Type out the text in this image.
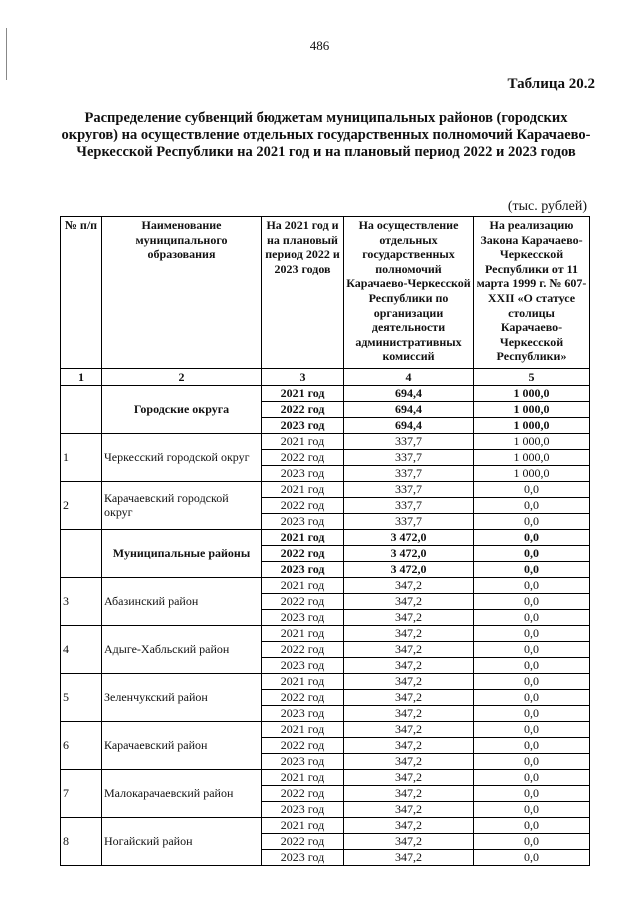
486
Таблица 20.2
Распределение субвенций бюджетам муниципальных районов (городских округов) на осуществление отдельных государственных полномочий Карачаево-Черкесской Республики на 2021 год и на плановый период 2022 и 2023 годов
(тыс. рублей)
№ п/п	Наименование муниципального образования	На 2021 год и на плановый период 2022 и 2023 годов	На осуществление отдельных государственных полномочий Карачаево-Черкесской Республики по организации деятельности административных комиссий	На реализацию Закона Карачаево-Черкесской Республики от 11 марта 1999 г. № 607-XXII «О статусе столицы Карачаево-Черкесской Республики»
1	2	3	4	5
	Городские округа	2021 год	694,4	1 000,0
		2022 год	694,4	1 000,0
		2023 год	694,4	1 000,0
1	Черкесский городской округ	2021 год	337,7	1 000,0
		2022 год	337,7	1 000,0
		2023 год	337,7	1 000,0
2	Карачаевский городской округ	2021 год	337,7	0,0
		2022 год	337,7	0,0
		2023 год	337,7	0,0
	Муниципальные районы	2021 год	3 472,0	0,0
		2022 год	3 472,0	0,0
		2023 год	3 472,0	0,0
3	Абазинский район	2021 год	347,2	0,0
		2022 год	347,2	0,0
		2023 год	347,2	0,0
4	Адыге-Хабльский район	2021 год	347,2	0,0
		2022 год	347,2	0,0
		2023 год	347,2	0,0
5	Зеленчукский район	2021 год	347,2	0,0
		2022 год	347,2	0,0
		2023 год	347,2	0,0
6	Карачаевский район	2021 год	347,2	0,0
		2022 год	347,2	0,0
		2023 год	347,2	0,0
7	Малокарачаевский район	2021 год	347,2	0,0
		2022 год	347,2	0,0
		2023 год	347,2	0,0
8	Ногайский район	2021 год	347,2	0,0
		2022 год	347,2	0,0
		2023 год	347,2	0,0
